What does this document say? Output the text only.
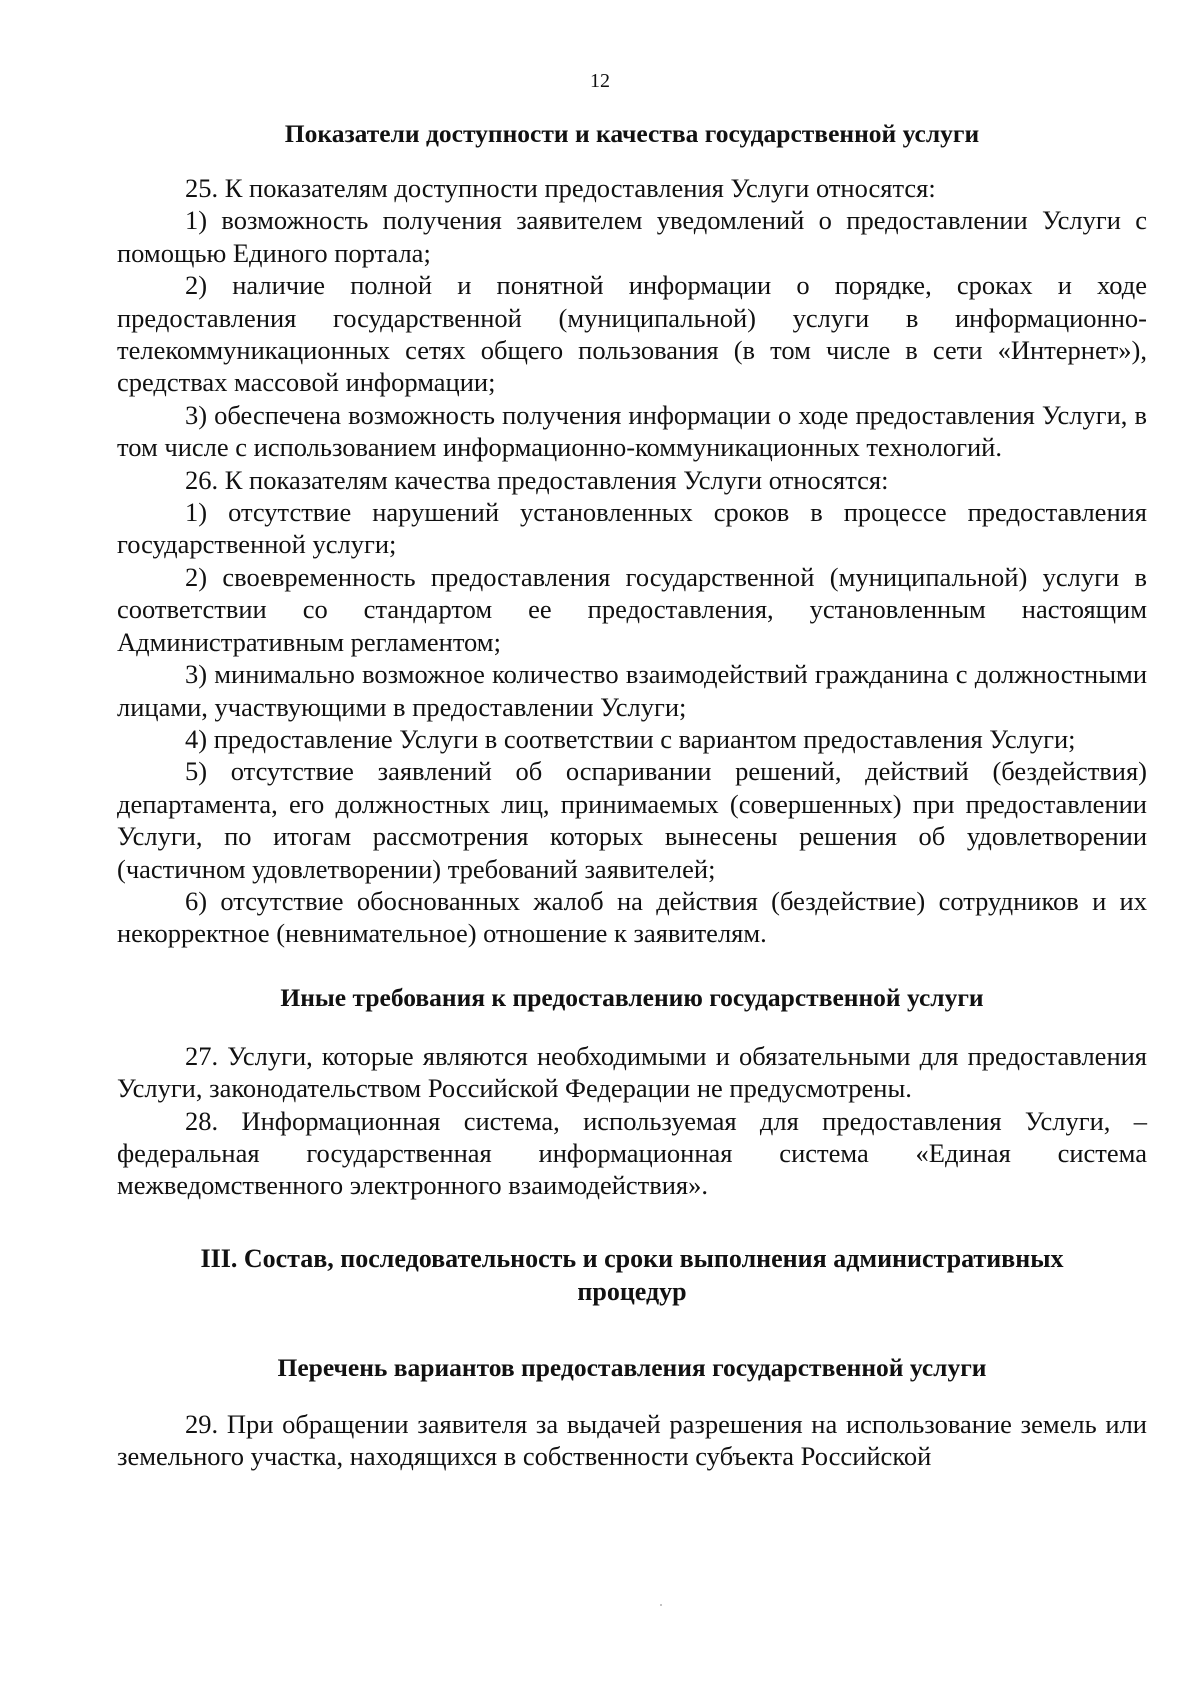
12
Показатели доступности и качества государственной услуги

25. К показателям доступности предоставления Услуги относятся:

1) возможность получения заявителем уведомлений о предоставлении Услуги с помощью Единого портала;

2) наличие полной и понятной информации о порядке, сроках и ходе предоставления государственной (муниципальной) услуги в информационно-телекоммуникационных сетях общего пользования (в том числе в сети «Интернет»), средствах массовой информации;

3) обеспечена возможность получения информации о ходе предоставления Услуги, в том числе с использованием информационно-коммуникационных технологий.

26. К показателям качества предоставления Услуги относятся:

1) отсутствие нарушений установленных сроков в процессе предоставления государственной услуги;

2) своевременность предоставления государственной (муниципальной) услуги в соответствии со стандартом ее предоставления, установленным настоящим Административным регламентом;

3) минимально возможное количество взаимодействий гражданина с должностными лицами, участвующими в предоставлении Услуги;

4) предоставление Услуги в соответствии с вариантом предоставления Услуги;

5) отсутствие заявлений об оспаривании решений, действий (бездействия) департамента, его должностных лиц, принимаемых (совершенных) при предоставлении Услуги, по итогам рассмотрения которых вынесены решения об удовлетворении (частичном удовлетворении) требований заявителей;

6) отсутствие обоснованных жалоб на действия (бездействие) сотрудников и их некорректное (невнимательное) отношение к заявителям.

Иные требования к предоставлению государственной услуги

27. Услуги, которые являются необходимыми и обязательными для предоставления Услуги, законодательством Российской Федерации не предусмотрены.

28. Информационная система, используемая для предоставления Услуги, – федеральная государственная информационная система «Единая система межведомственного электронного взаимодействия».

III. Состав, последовательность и сроки выполнения административных
процедур
Перечень вариантов предоставления государственной услуги

29. При обращении заявителя за выдачей разрешения на использование земель или земельного участка, находящихся в собственности субъекта Российской
